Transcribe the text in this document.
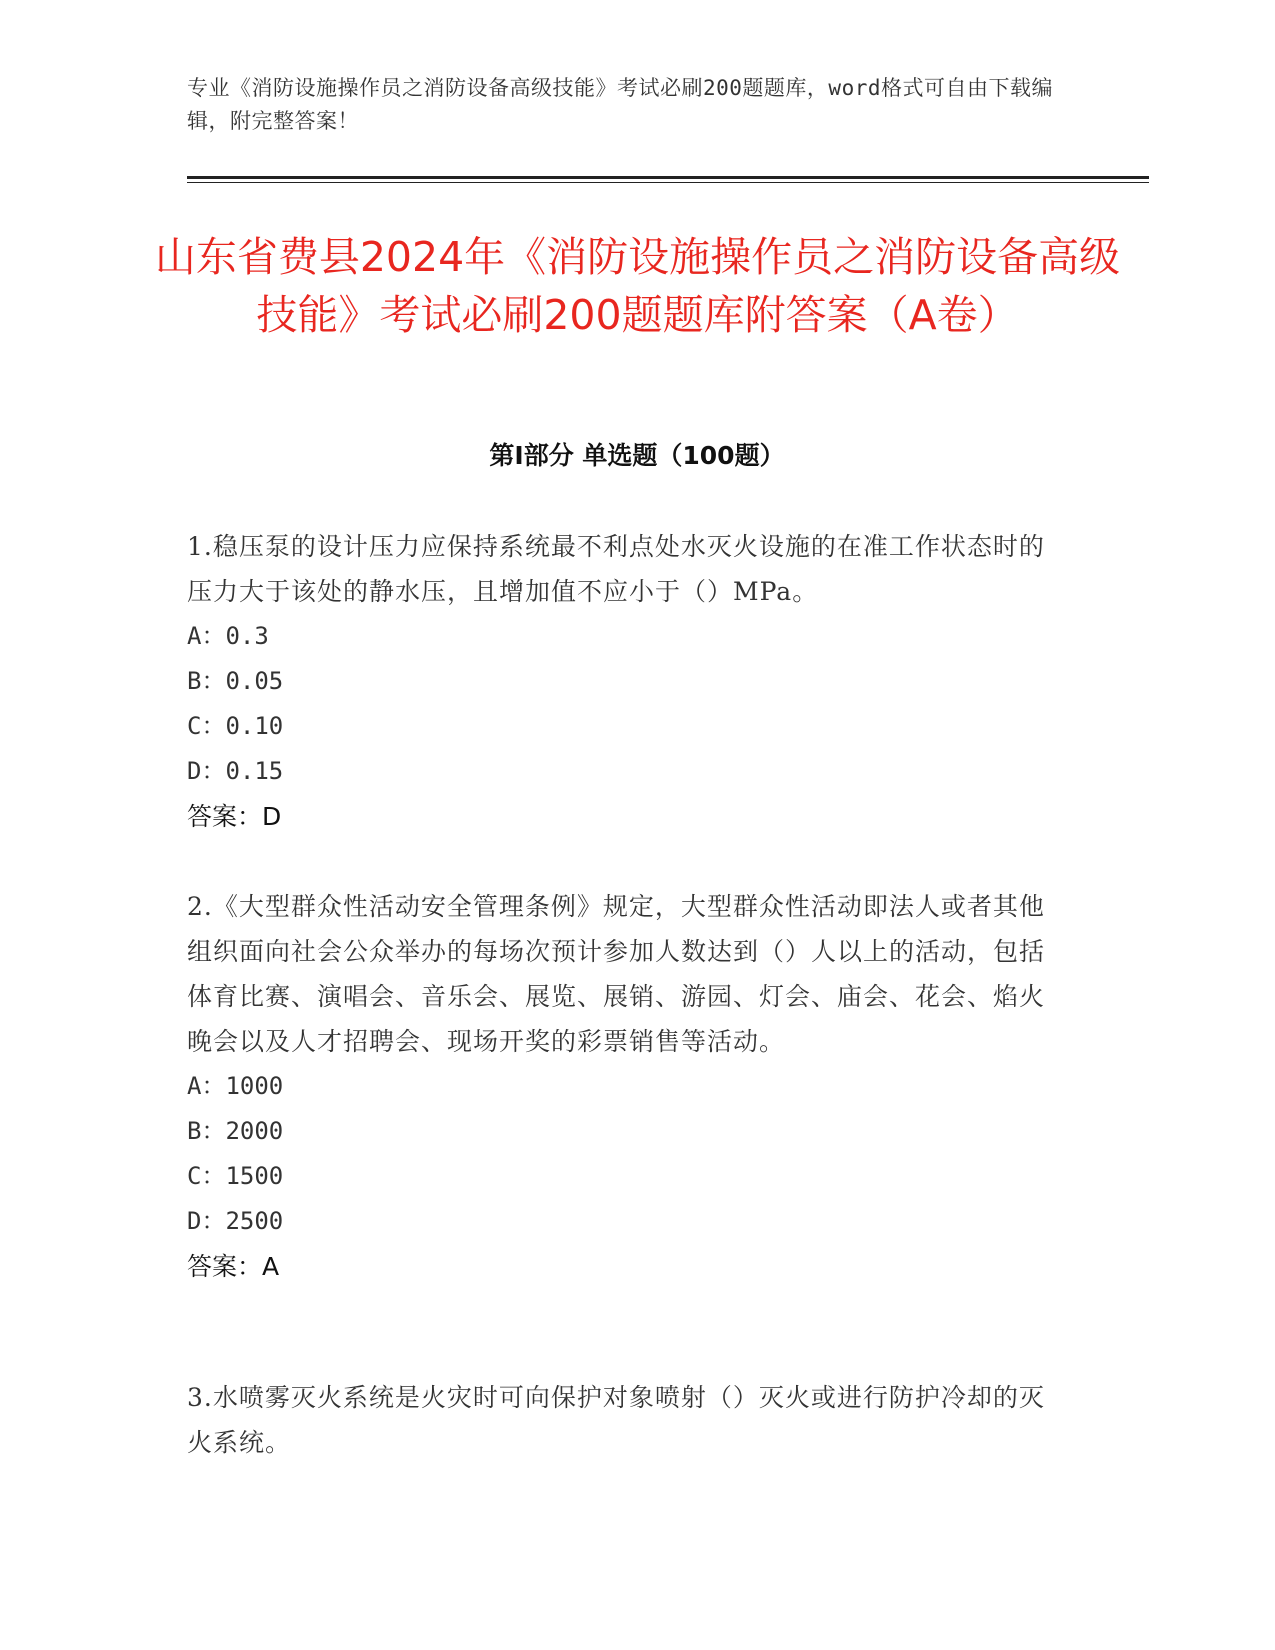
专业《消防设施操作员之消防设备高级技能》考试必刷200题题库，word格式可自由下载编辑，附完整答案！
山东省费县2024年《消防设施操作员之消防设备高级技能》考试必刷200题题库附答案（A卷）
第I部分 单选题（100题）

1.稳压泵的设计压力应保持系统最不利点处水灭火设施的在准工作状态时的压力大于该处的静水压，且增加值不应小于（）MPa。

A：0.3

B：0.05

C：0.10

D：0.15

答案：D

2.《大型群众性活动安全管理条例》规定，大型群众性活动即法人或者其他组织面向社会公众举办的每场次预计参加人数达到（）人以上的活动，包括体育比赛、演唱会、音乐会、展览、展销、游园、灯会、庙会、花会、焰火晚会以及人才招聘会、现场开奖的彩票销售等活动。

A：1000

B：2000

C：1500

D：2500

答案：A

3.水喷雾灭火系统是火灾时可向保护对象喷射（）灭火或进行防护冷却的灭火系统。
